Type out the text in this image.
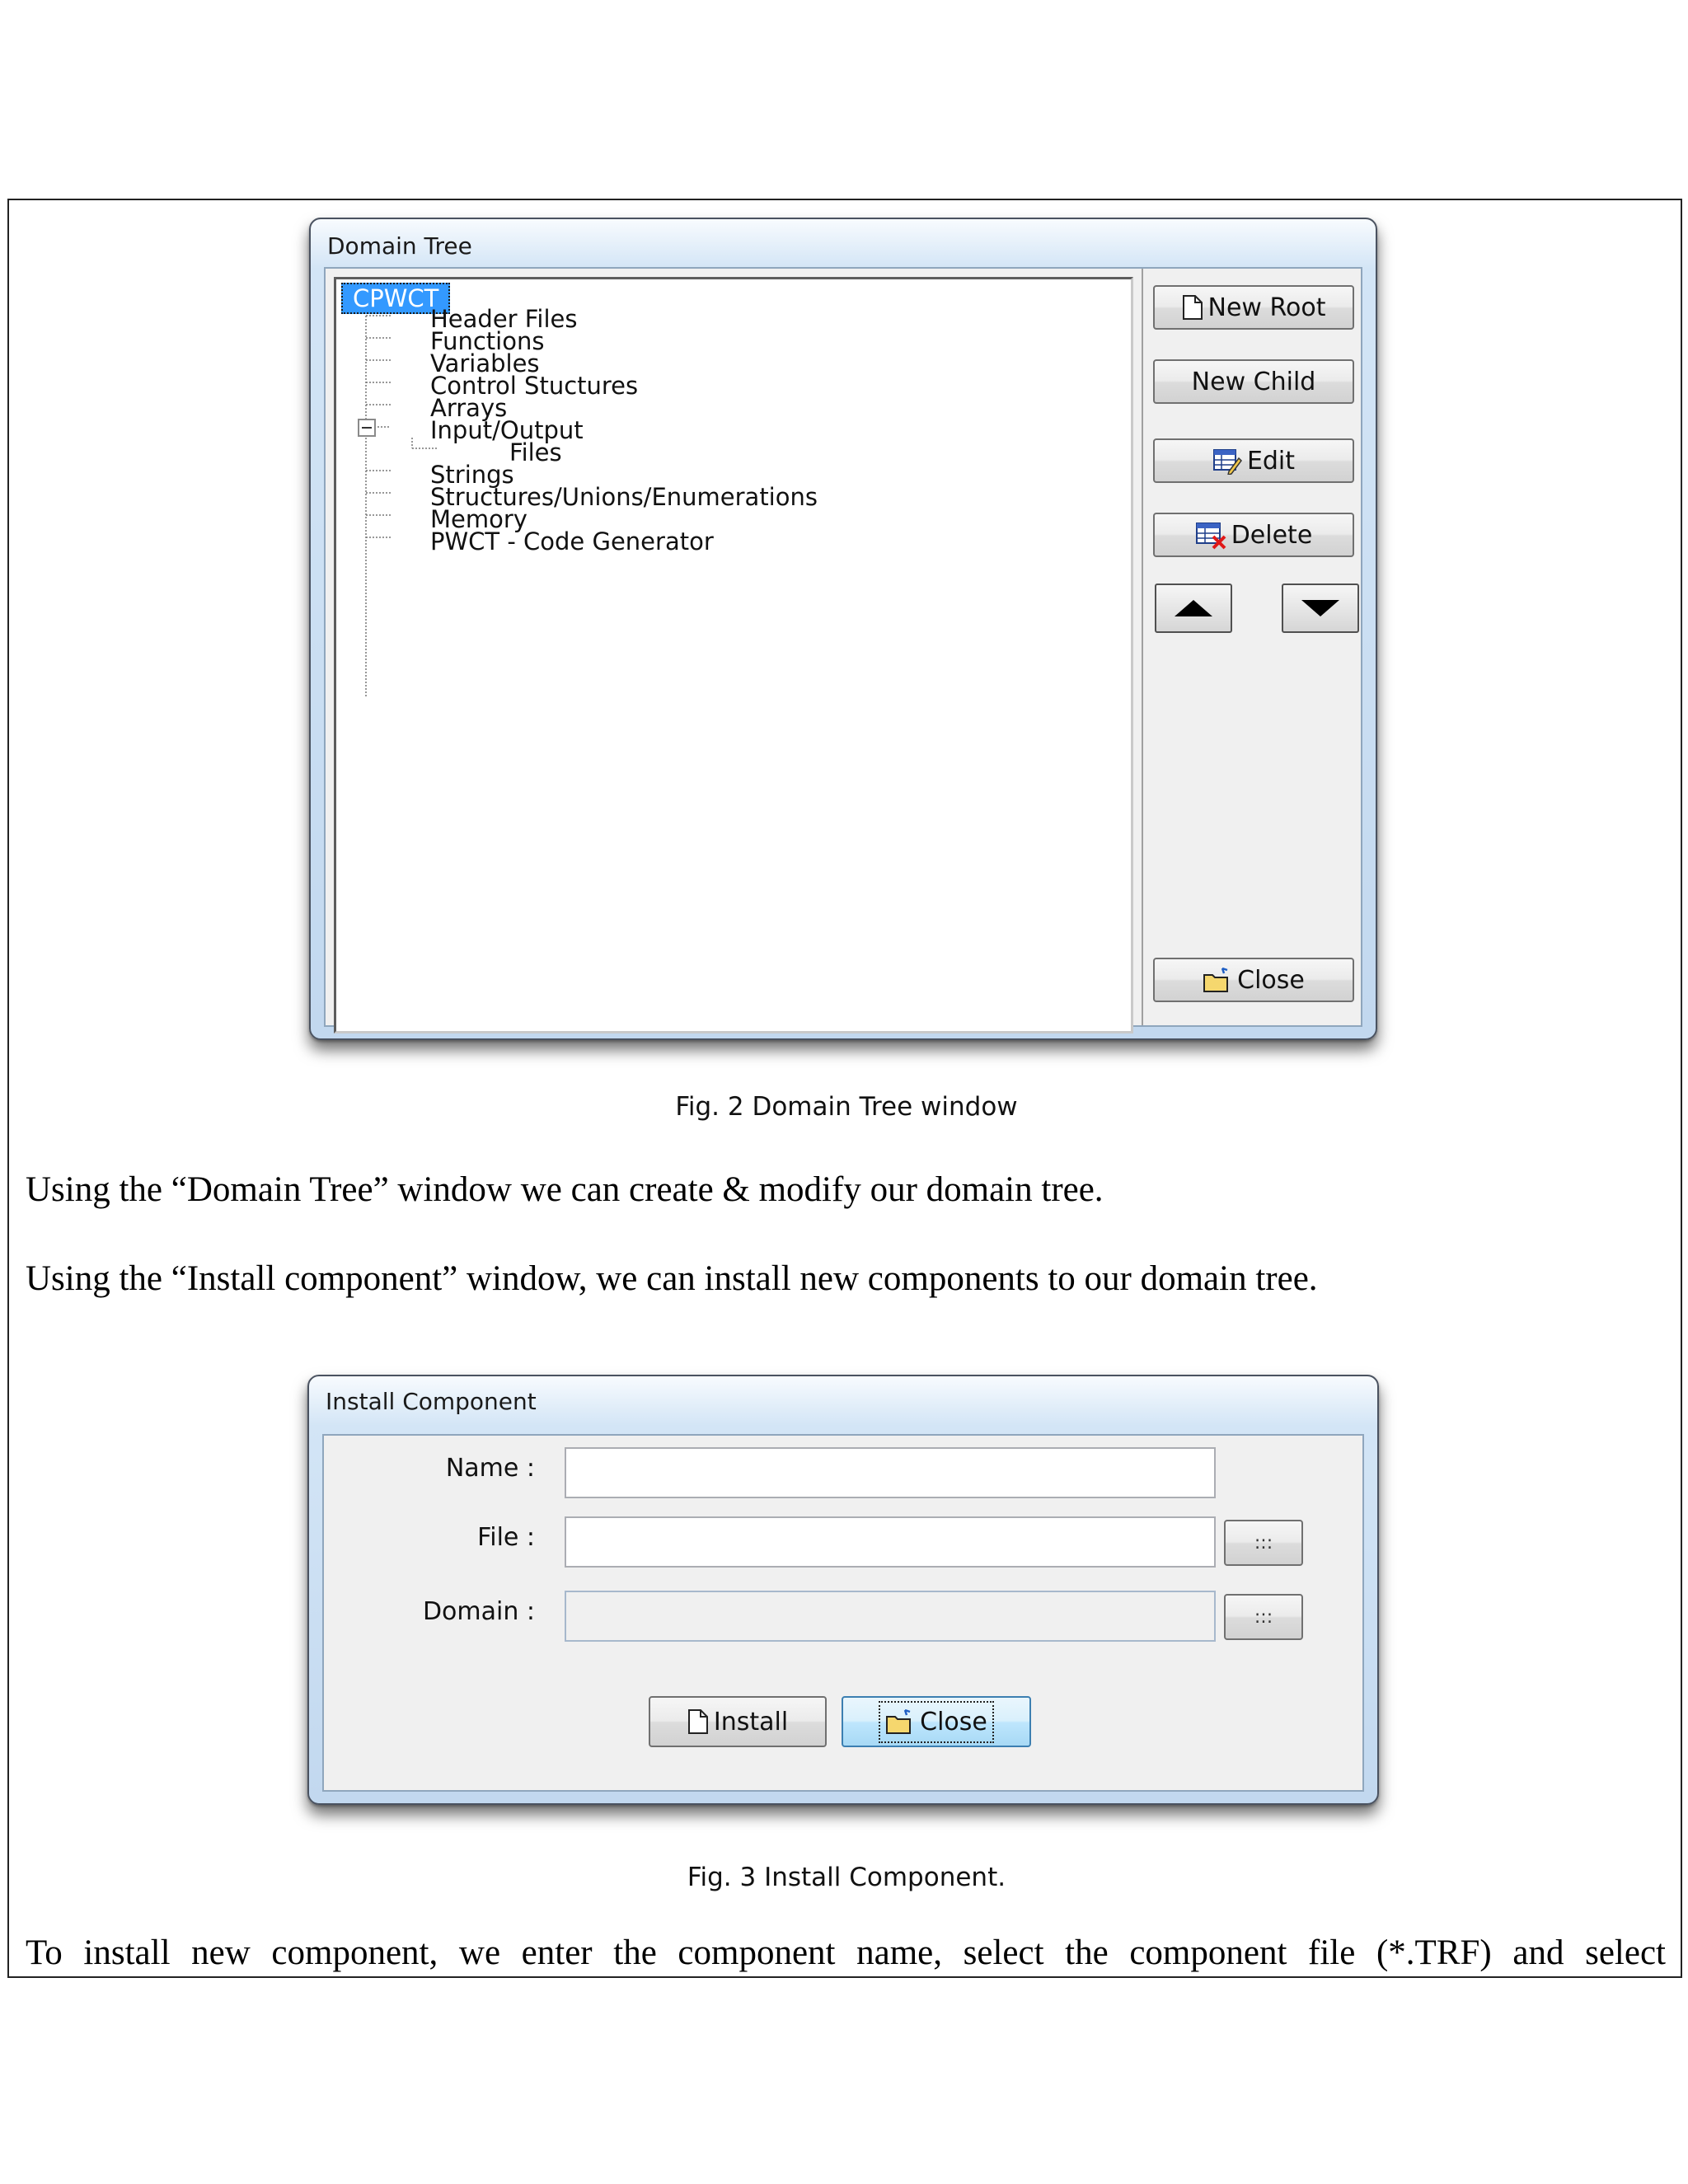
Domain Tree
CPWCT
Header Files
Functions
Variables
Control Stuctures
Arrays
Input/Output
Files
Strings
Structures/Unions/Enumerations
Memory
PWCT - Code Generator
New Root
New Child
Edit
Delete
Close
Fig. 2 Domain Tree window
Using the “Domain Tree” window we can create & modify our domain tree.
Using the “Install component” window, we can install new components to our domain tree.
Install Component
Name :
File :	:::
Domain :	:::
Install	Close
Fig. 3 Install Component.
To install new component, we enter the component name, select the component file (*.TRF) and select
